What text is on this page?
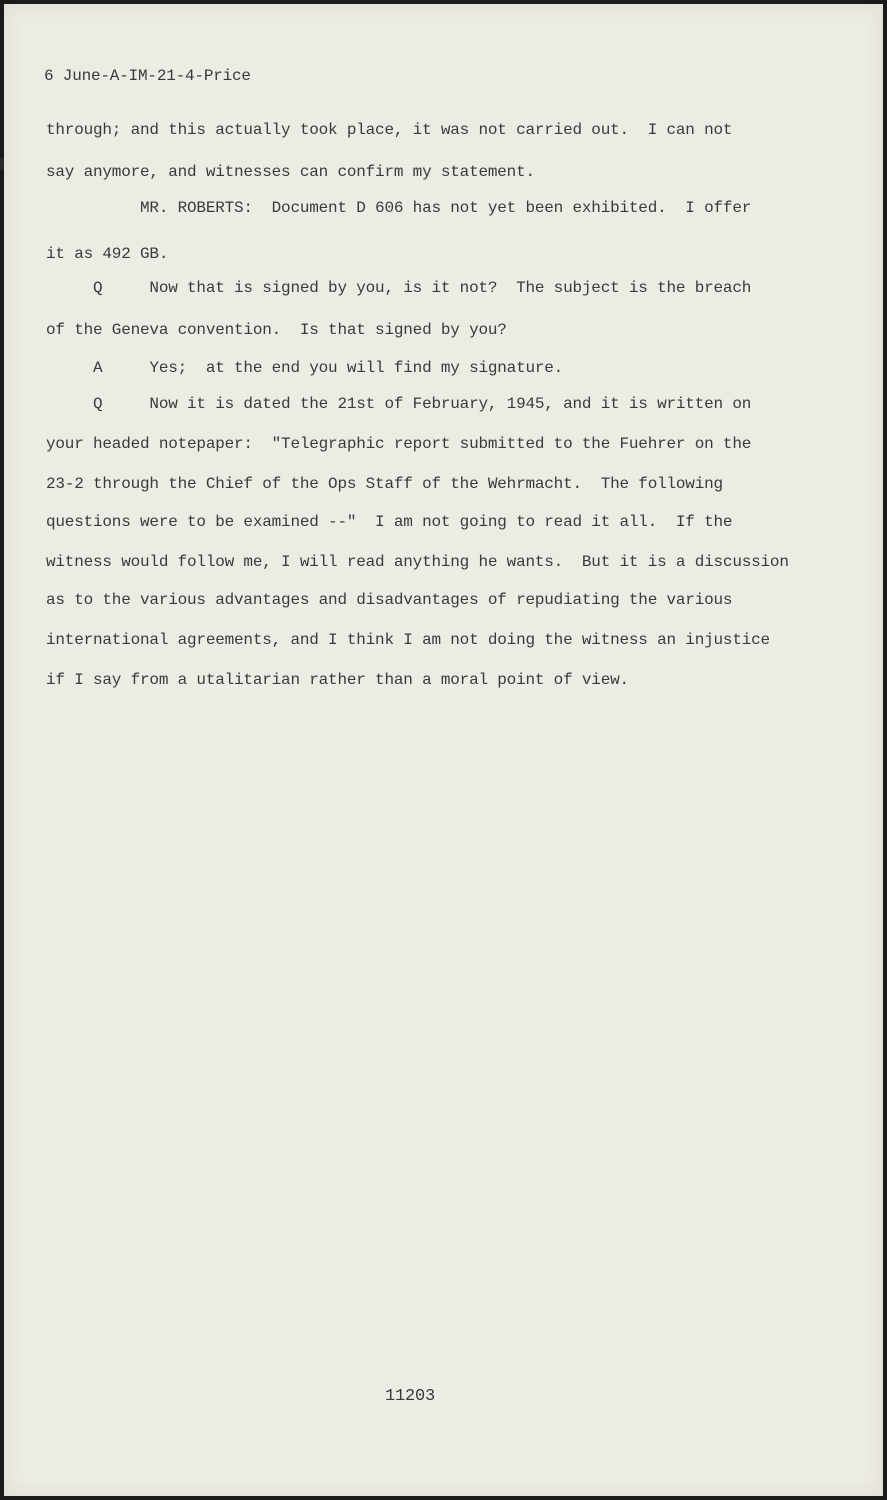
6 June-A-IM-21-4-Price
through; and this actually took place, it was not carried out.  I can not
say anymore, and witnesses can confirm my statement.
MR. ROBERTS:  Document D 606 has not yet been exhibited.  I offer
it as 492 GB.
Q     Now that is signed by you, is it not?  The subject is the breach
of the Geneva convention.  Is that signed by you?
A     Yes;  at the end you will find my signature.
Q     Now it is dated the 21st of February, 1945, and it is written on
your headed notepaper:  "Telegraphic report submitted to the Fuehrer on the
23-2 through the Chief of the Ops Staff of the Wehrmacht.  The following
questions were to be examined --"  I am not going to read it all.  If the
witness would follow me, I will read anything he wants.  But it is a discussion
as to the various advantages and disadvantages of repudiating the various
international agreements, and I think I am not doing the witness an injustice
if I say from a utalitarian rather than a moral point of view.
11203
